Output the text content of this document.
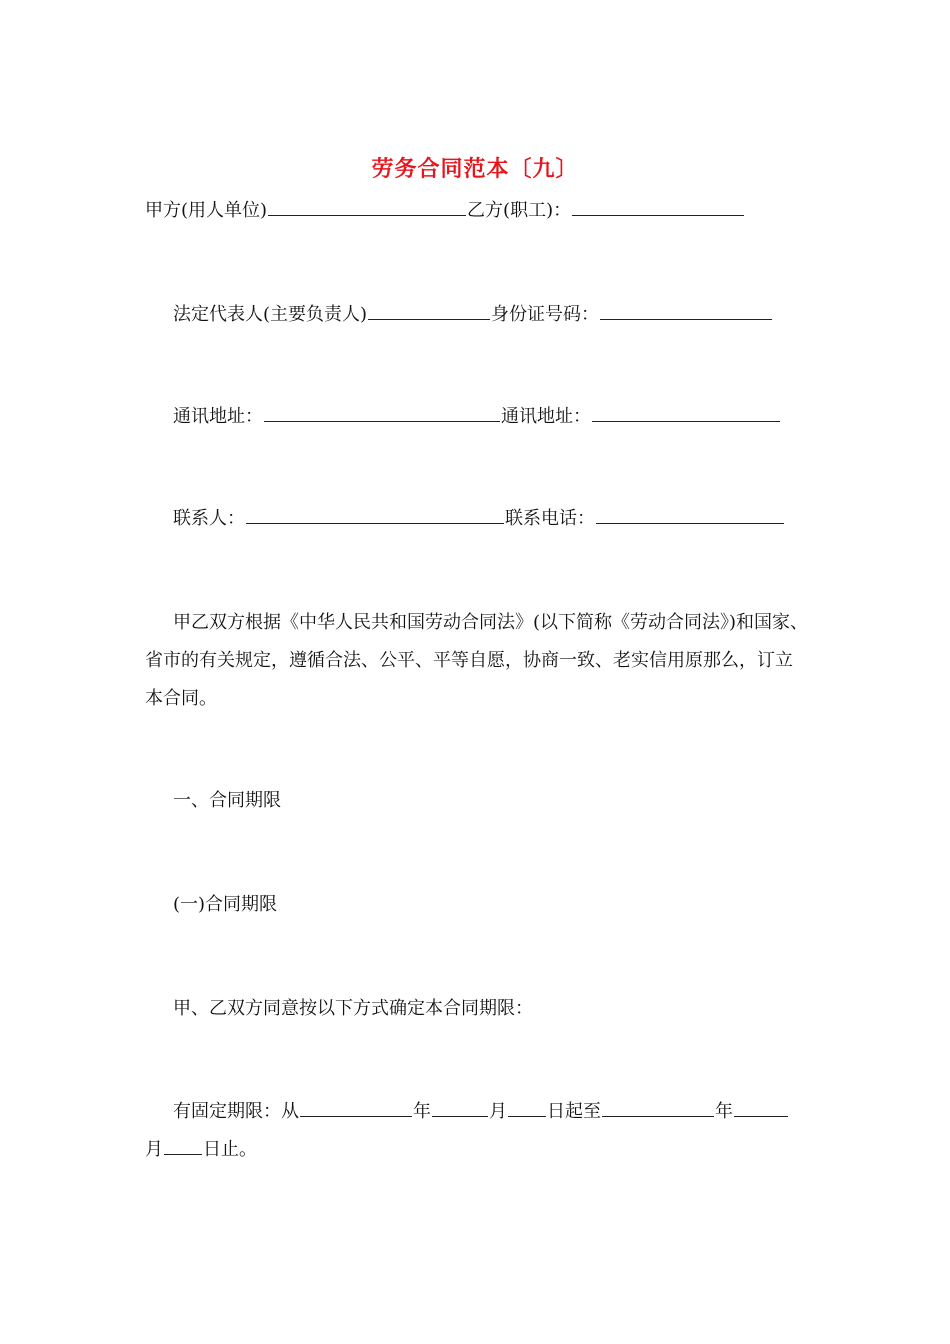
劳务合同范本〔九〕
甲方(用人单位)	乙方(职工)：
法定代表人(主要负责人)	身份证号码：
通讯地址：	通讯地址：
联系人：	联系电话：
甲乙双方根据《中华人民共和国劳动合同法》(以下简称《劳动合同法》)和国家、省市的有关规定，遵循合法、公平、平等自愿，协商一致、老实信用原那么，订立本合同。
一、合同期限
(一)合同期限
甲、乙双方同意按以下方式确定本合同期限：
有固定期限：从	年	月 日起至	年
月 日止。
